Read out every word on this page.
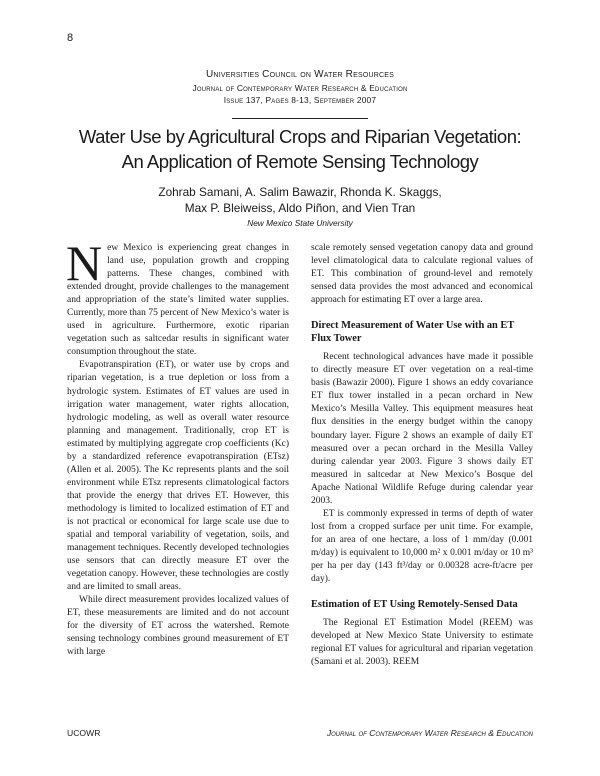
8
Universities Council on Water Resources
Journal of Contemporary Water Research & Education
Issue 137, Pages 8-13, September 2007
Water Use by Agricultural Crops and Riparian Vegetation:
An Application of Remote Sensing Technology
Zohrab Samani, A. Salim Bawazir, Rhonda K. Skaggs,
Max P. Bleiweiss, Aldo Piñon, and Vien Tran
New Mexico State University

New Mexico is experiencing great changes in land use, population growth and cropping patterns. These changes, combined with extended drought, provide challenges to the management and appropriation of the state’s limited water supplies. Currently, more than 75 percent of New Mexico’s water is used in agriculture. Furthermore, exotic riparian vegetation such as saltcedar results in significant water consumption throughout the state.

Evapotranspiration (ET), or water use by crops and riparian vegetation, is a true depletion or loss from a hydrologic system. Estimates of ET values are used in irrigation water management, water rights allocation, hydrologic modeling, as well as overall water resource planning and management. Traditionally, crop ET is estimated by multiplying aggregate crop coefficients (Kc) by a standardized reference evapotranspiration (ETsz) (Allen et al. 2005). The Kc represents plants and the soil environment while ETsz represents climatological factors that provide the energy that drives ET. However, this methodology is limited to localized estimation of ET and is not practical or economical for large scale use due to spatial and temporal variability of vegetation, soils, and management techniques. Recently developed technologies use sensors that can directly measure ET over the vegetation canopy. However, these technologies are costly and are limited to small areas.

While direct measurement provides localized values of ET, these measurements are limited and do not account for the diversity of ET across the watershed. Remote sensing technology combines ground measurement of ET with large

scale remotely sensed vegetation canopy data and ground level climatological data to calculate regional values of ET. This combination of ground-level and remotely sensed data provides the most advanced and economical approach for estimating ET over a large area.

Direct Measurement of Water Use with an ET Flux Tower

Recent technological advances have made it possible to directly measure ET over vegetation on a real-time basis (Bawazir 2000). Figure 1 shows an eddy covariance ET flux tower installed in a pecan orchard in New Mexico’s Mesilla Valley. This equipment measures heat flux densities in the energy budget within the canopy boundary layer. Figure 2 shows an example of daily ET measured over a pecan orchard in the Mesilla Valley during calendar year 2003. Figure 3 shows daily ET measured in saltcedar at New Mexico’s Bosque del Apache National Wildlife Refuge during calendar year 2003.

ET is commonly expressed in terms of depth of water lost from a cropped surface per unit time. For example, for an area of one hectare, a loss of 1 mm/day (0.001 m/day) is equivalent to 10,000 m² x 0.001 m/day or 10 m³ per ha per day (143 ft³/day or 0.00328 acre-ft/acre per day).

Estimation of ET Using Remotely-Sensed Data

The Regional ET Estimation Model (REEM) was developed at New Mexico State University to estimate regional ET values for agricultural and riparian vegetation (Samani et al. 2003). REEM

UCOWR	Journal of Contemporary Water Research & Education
